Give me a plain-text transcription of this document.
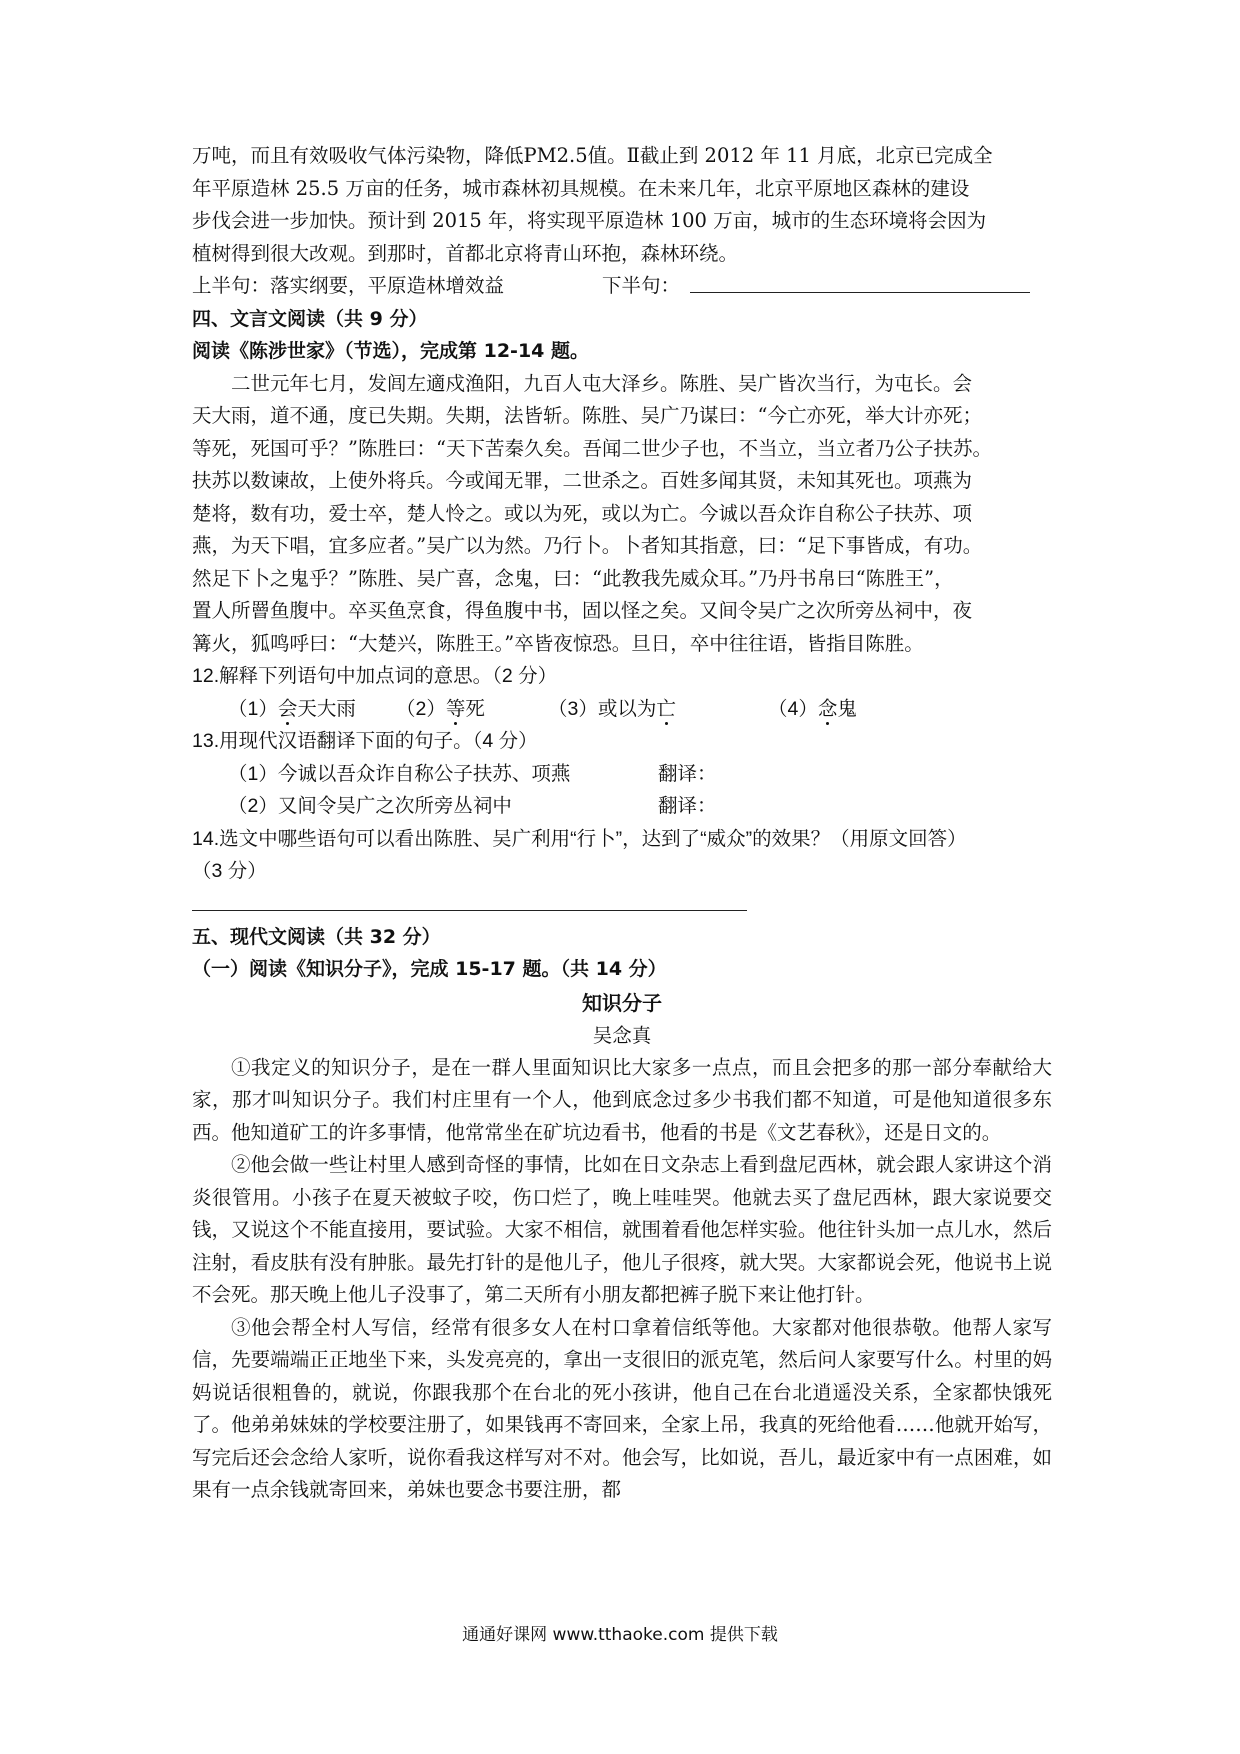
万吨，而且有效吸收气体污染物，降低PM2.5值。Ⅱ截止到 2012 年 11 月底，北京已完成全
年平原造林 25.5 万亩的任务，城市森林初具规模。在未来几年，北京平原地区森林的建设
步伐会进一步加快。预计到 2015 年，将实现平原造林 100 万亩，城市的生态环境将会因为
植树得到很大改观。到那时，首都北京将青山环抱，森林环绕。
上半句：落实纲要，平原造林增效益	下半句：
四、文言文阅读（共 9 分）
阅读《陈涉世家》（节选），完成第 12-14 题。
二世元年七月，发闾左適戍渔阳，九百人屯大泽乡。陈胜、吴广皆次当行，为屯长。会
天大雨，道不通，度已失期。失期，法皆斩。陈胜、吴广乃谋曰：“今亡亦死，举大计亦死；
等死，死国可乎？”陈胜曰：“天下苦秦久矣。吾闻二世少子也，不当立，当立者乃公子扶苏。
扶苏以数谏故，上使外将兵。今或闻无罪，二世杀之。百姓多闻其贤，未知其死也。项燕为
楚将，数有功，爱士卒，楚人怜之。或以为死，或以为亡。今诚以吾众诈自称公子扶苏、项
燕，为天下唱，宜多应者。”吴广以为然。乃行卜。卜者知其指意，曰：“足下事皆成，有功。
然足下卜之鬼乎？”陈胜、吴广喜，念鬼，曰：“此教我先威众耳。”乃丹书帛曰“陈胜王”，
置人所罾鱼腹中。卒买鱼烹食，得鱼腹中书，固以怪之矣。又间令吴广之次所旁丛祠中，夜
篝火，狐鸣呼曰：“大楚兴，陈胜王。”卒皆夜惊恐。旦日，卒中往往语，皆指目陈胜。
12.解释下列语句中加点词的意思。（2 分）
（1）会天大雨	（2）等死	（3）或以为亡	（4）念鬼
13.用现代汉语翻译下面的句子。（4 分）
（1）今诚以吾众诈自称公子扶苏、项燕	翻译：
（2）又间令吴广之次所旁丛祠中	翻译：
14.选文中哪些语句可以看出陈胜、吴广利用“行卜”，达到了“威众”的效果？（用原文回答）
（3 分）
五、现代文阅读（共 32 分）
（一）阅读《知识分子》，完成 15-17 题。（共 14 分）
知识分子
吴念真

①我定义的知识分子，是在一群人里面知识比大家多一点点，而且会把多的那一部分奉献给大家，那才叫知识分子。我们村庄里有一个人，他到底念过多少书我们都不知道，可是他知道很多东西。他知道矿工的许多事情，他常常坐在矿坑边看书，他看的书是《文艺春秋》，还是日文的。

②他会做一些让村里人感到奇怪的事情，比如在日文杂志上看到盘尼西林，就会跟人家讲这个消炎很管用。小孩子在夏天被蚊子咬，伤口烂了，晚上哇哇哭。他就去买了盘尼西林，跟大家说要交钱，又说这个不能直接用，要试验。大家不相信，就围着看他怎样实验。他往针头加一点儿水，然后注射，看皮肤有没有肿胀。最先打针的是他儿子，他儿子很疼，就大哭。大家都说会死，他说书上说不会死。那天晚上他儿子没事了，第二天所有小朋友都把裤子脱下来让他打针。

③他会帮全村人写信，经常有很多女人在村口拿着信纸等他。大家都对他很恭敬。他帮人家写信，先要端端正正地坐下来，头发亮亮的，拿出一支很旧的派克笔，然后问人家要写什么。村里的妈妈说话很粗鲁的，就说，你跟我那个在台北的死小孩讲，他自己在台北逍遥没关系，全家都快饿死了。他弟弟妹妹的学校要注册了，如果钱再不寄回来，全家上吊，我真的死给他看……他就开始写，写完后还会念给人家听，说你看我这样写对不对。他会写，比如说，吾儿，最近家中有一点困难，如果有一点余钱就寄回来，弟妹也要念书要注册，都

通通好课网 www.tthaoke.com 提供下载
